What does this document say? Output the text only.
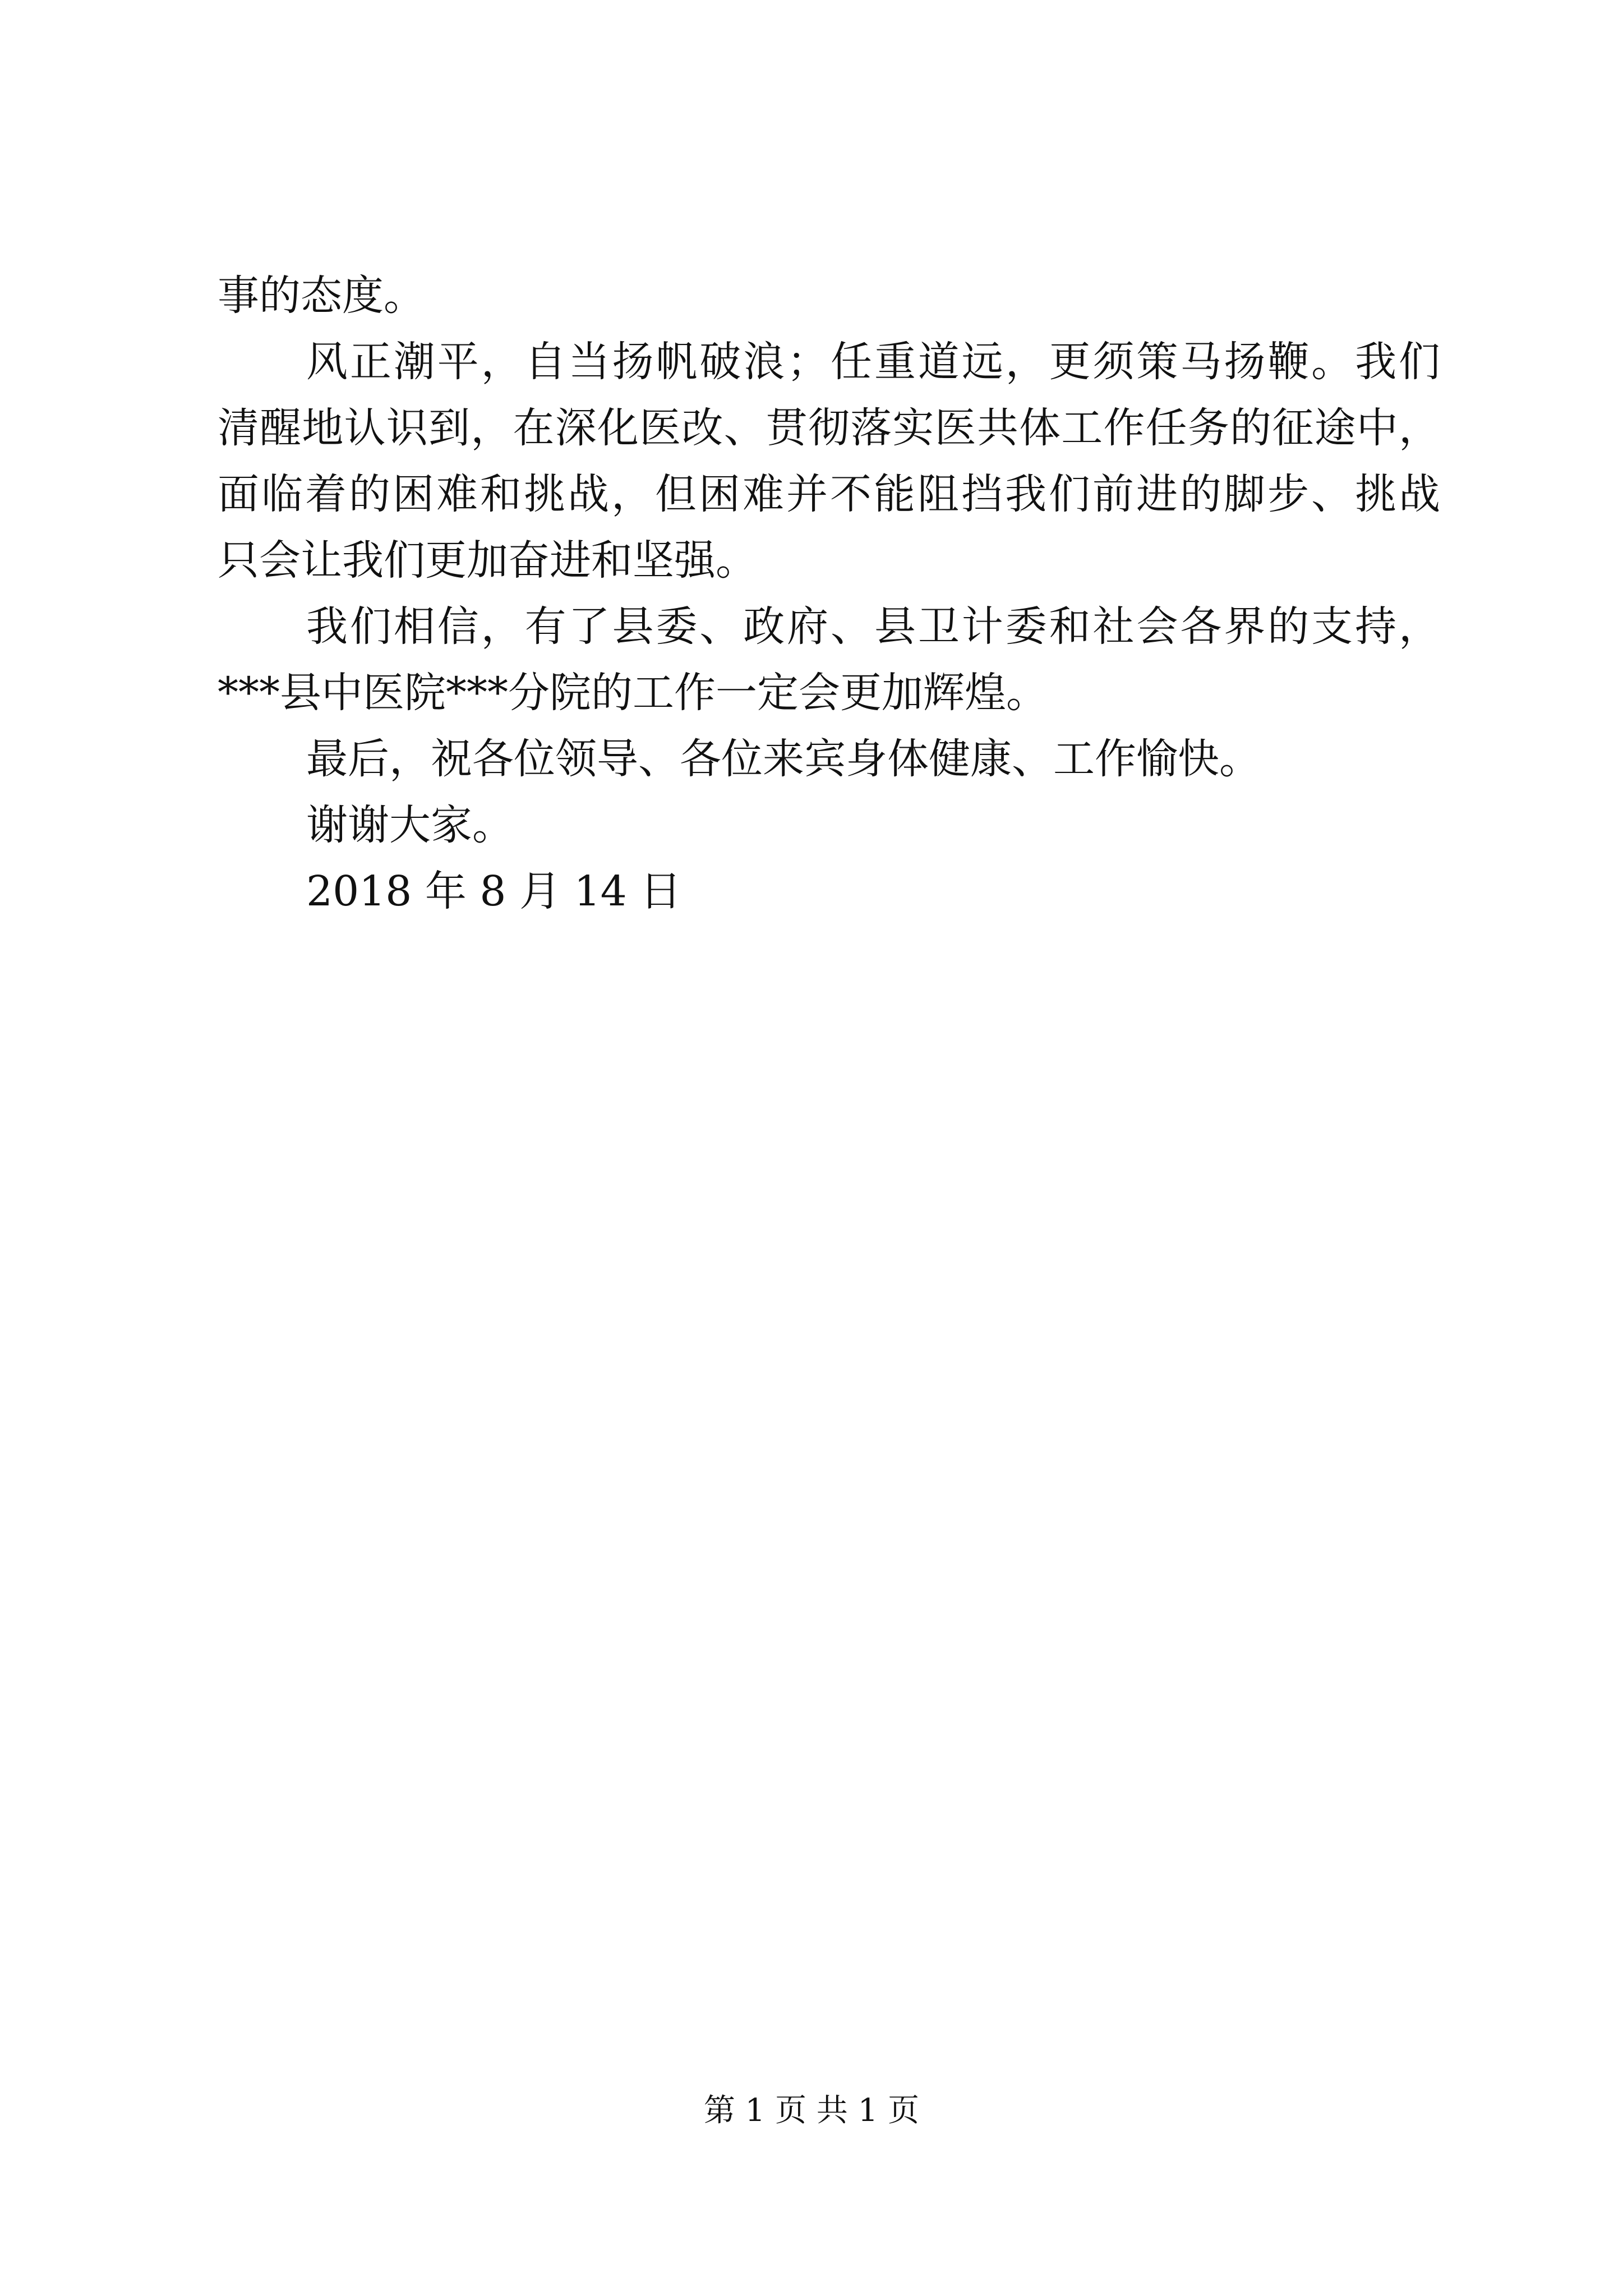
事的态度。
风正潮平，自当扬帆破浪；任重道远，更须策马扬鞭。我们
清醒地认识到，在深化医改、贯彻落实医共体工作任务的征途中，
面临着的困难和挑战，但困难并不能阻挡我们前进的脚步、挑战
只会让我们更加奋进和坚强。
我们相信，有了县委、政府、县卫计委和社会各界的支持，
***县中医院***分院的工作一定会更加辉煌。
最后，祝各位领导、各位来宾身体健康、工作愉快。
谢谢大家。
2018 年 8 月 14 日
第 1 页 共 1 页
